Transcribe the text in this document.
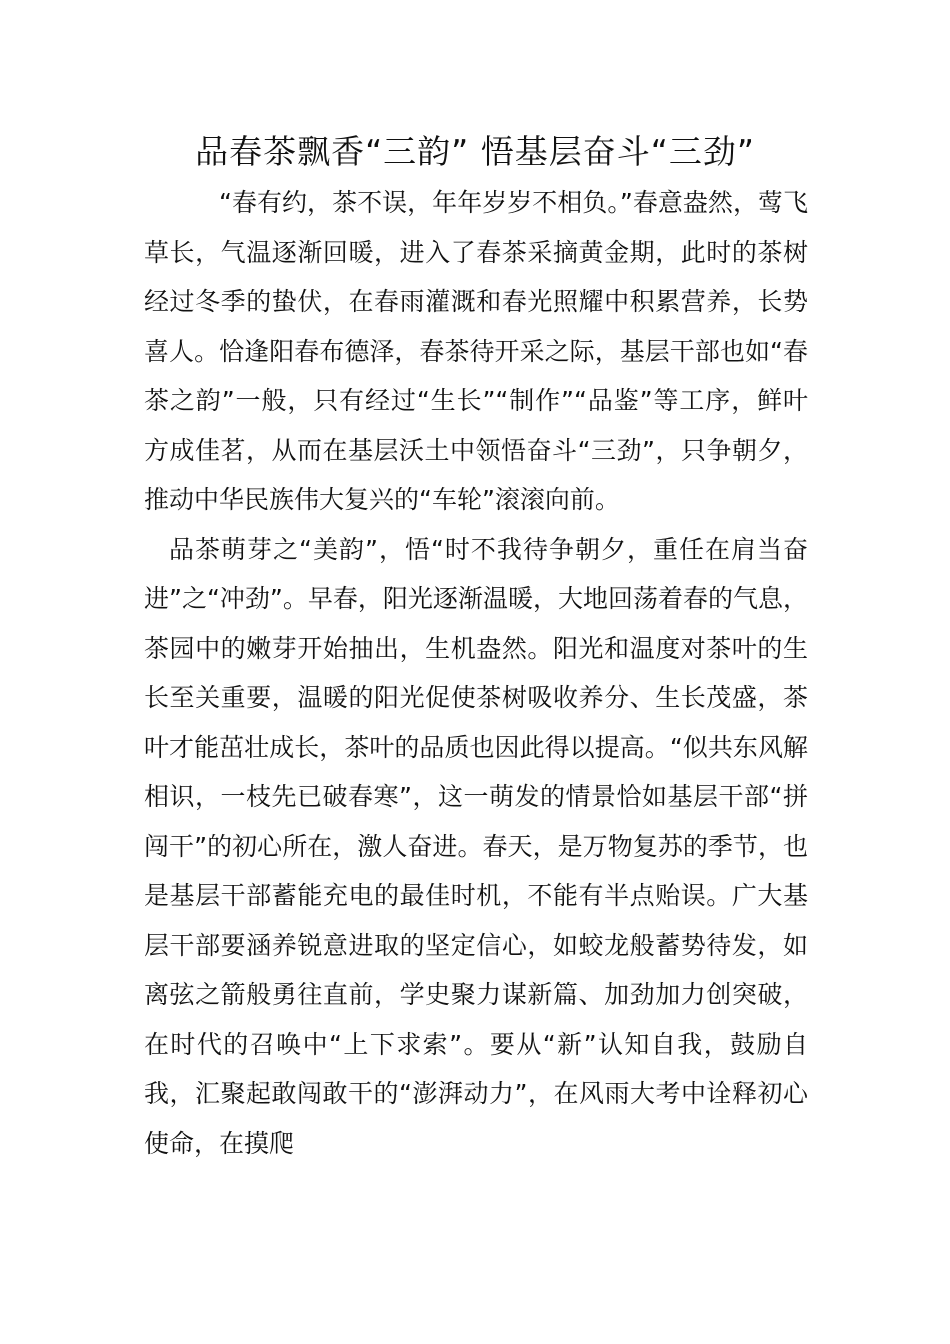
品春茶飘香“三韵” 悟基层奋斗“三劲”

“春有约，茶不误，年年岁岁不相负。”春意盎然，莺飞草长，气温逐渐回暖，进入了春茶采摘黄金期，此时的茶树经过冬季的蛰伏，在春雨灌溉和春光照耀中积累营养，长势喜人。恰逢阳春布德泽，春茶待开采之际，基层干部也如“春茶之韵”一般，只有经过“生长”“制作”“品鉴”等工序，鲜叶方成佳茗，从而在基层沃土中领悟奋斗“三劲”，只争朝夕，推动中华民族伟大复兴的“车轮”滚滚向前。

品茶萌芽之“美韵”，悟“时不我待争朝夕，重任在肩当奋进”之“冲劲”。早春，阳光逐渐温暖，大地回荡着春的气息，茶园中的嫩芽开始抽出，生机盎然。阳光和温度对茶叶的生长至关重要，温暖的阳光促使茶树吸收养分、生长茂盛，茶叶才能茁壮成长，茶叶的品质也因此得以提高。“似共东风解相识，一枝先已破春寒”，这一萌发的情景恰如基层干部“拼闯干”的初心所在，激人奋进。春天，是万物复苏的季节，也是基层干部蓄能充电的最佳时机，不能有半点贻误。广大基层干部要涵养锐意进取的坚定信心，如蛟龙般蓄势待发，如离弦之箭般勇往直前，学史聚力谋新篇、加劲加力创突破，在时代的召唤中“上下求索”。要从“新”认知自我，鼓励自我，汇聚起敢闯敢干的“澎湃动力”，在风雨大考中诠释初心使命，在摸爬
